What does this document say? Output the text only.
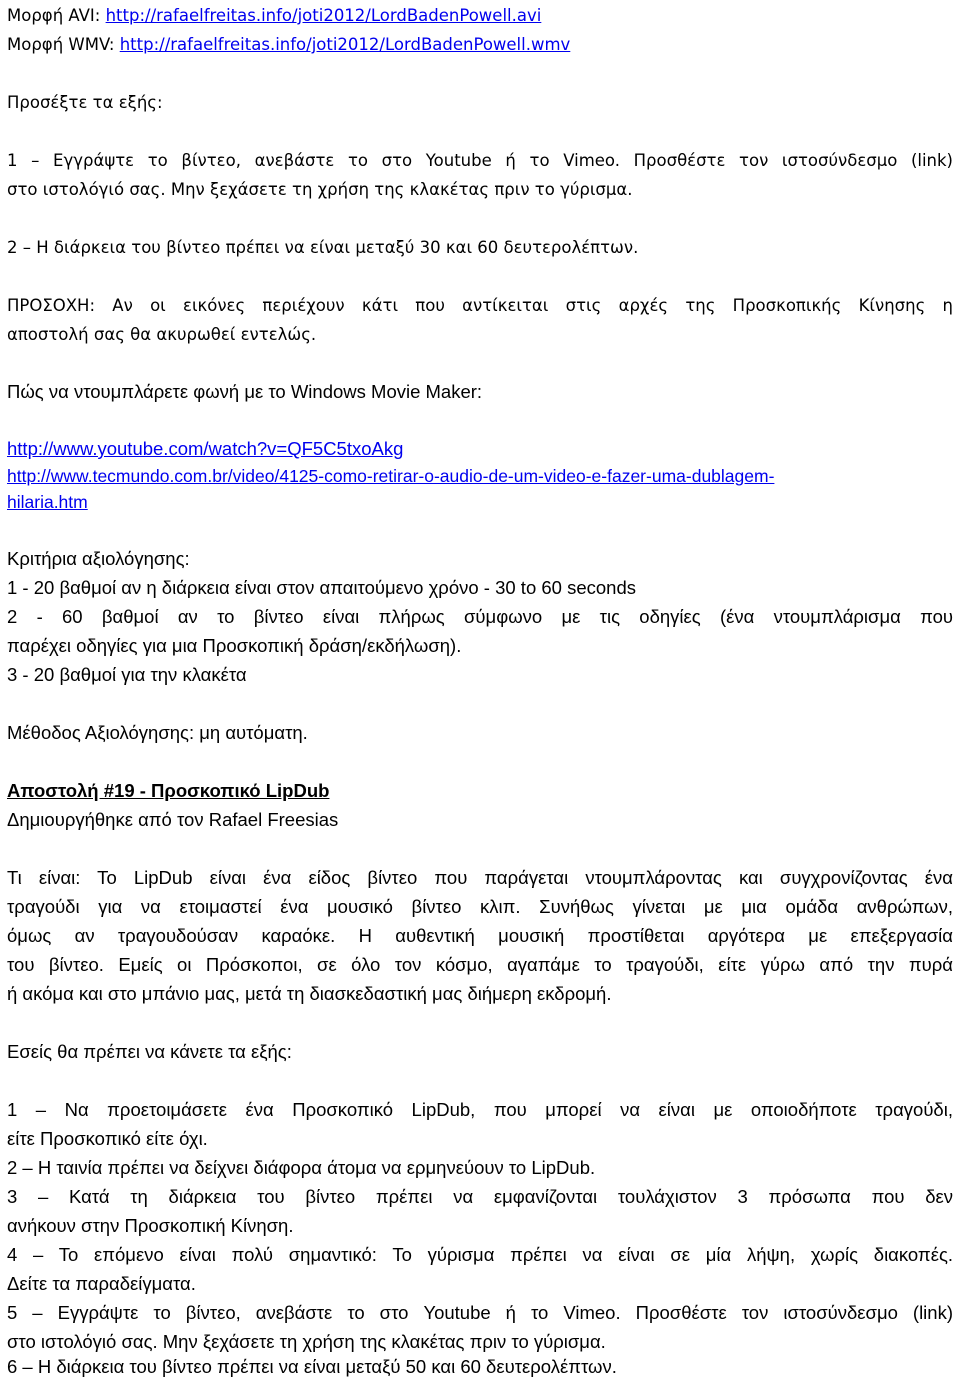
Μορφή AVI: http://rafaelfreitas.info/joti2012/LordBadenPowell.avi
Μορφή WMV: http://rafaelfreitas.info/joti2012/LordBadenPowell.wmv
Προσέξτε τα εξής:
1 – Εγγράψτε το βίντεο, ανεβάστε το στο Youtube ή το Vimeo. Προσθέστε τον ιστοσύνδεσμο (link)
στο ιστολόγιό σας. Μην ξεχάσετε τη χρήση της κλακέτας πριν το γύρισμα.
2 – Η διάρκεια του βίντεο πρέπει να είναι μεταξύ 30 και 60 δευτερολέπτων.
ΠΡΟΣΟΧΗ: Αν οι εικόνες περιέχουν κάτι που αντίκειται στις αρχές της Προσκοπικής Κίνησης η
αποστολή σας θα ακυρωθεί εντελώς.
Πώς να ντουμπλάρετε φωνή με το Windows Movie Maker:
http://www.youtube.com/watch?v=QF5C5txoAkg
http://www.tecmundo.com.br/video/4125-como-retirar-o-audio-de-um-video-e-fazer-uma-dublagem-
hilaria.htm
Κριτήρια αξιολόγησης:
1 - 20 βαθμοί αν η διάρκεια είναι στον απαιτούμενο χρόνο - 30 to 60 seconds
2 - 60 βαθμοί αν το βίντεο είναι πλήρως σύμφωνο με τις οδηγίες (ένα ντουμπλάρισμα που
παρέχει οδηγίες για μια Προσκοπική δράση/εκδήλωση).
3 - 20 βαθμοί για την κλακέτα
Μέθοδος Αξιολόγησης: μη αυτόματη.
Αποστολή #19 - Προσκοπικό LipDub
Δημιουργήθηκε από τον Rafael Freesias
Τι είναι: Το LipDub είναι ένα είδος βίντεο που παράγεται ντουμπλάροντας και συγχρονίζοντας ένα
τραγούδι για να ετοιμαστεί ένα μουσικό βίντεο κλιπ. Συνήθως γίνεται με μια ομάδα ανθρώπων,
όμως αν τραγουδούσαν καραόκε. Η αυθεντική μουσική προστίθεται αργότερα με επεξεργασία
του βίντεο. Εμείς οι Πρόσκοποι, σε όλο τον κόσμο, αγαπάμε το τραγούδι, είτε γύρω από την πυρά
ή ακόμα και στο μπάνιο μας, μετά τη διασκεδαστική μας διήμερη εκδρομή.
Εσείς θα πρέπει να κάνετε τα εξής:
1 – Να προετοιμάσετε ένα Προσκοπικό LipDub, που μπορεί να είναι με οποιοδήποτε τραγούδι,
είτε Προσκοπικό είτε όχι.
2 – Η ταινία πρέπει να δείχνει διάφορα άτομα να ερμηνεύουν το LipDub.
3 – Κατά τη διάρκεια του βίντεο πρέπει να εμφανίζονται τουλάχιστον 3 πρόσωπα που δεν
ανήκουν στην Προσκοπική Κίνηση.
4 – Το επόμενο είναι πολύ σημαντικό: Το γύρισμα πρέπει να είναι σε μία λήψη, χωρίς διακοπές.
Δείτε τα παραδείγματα.
5 – Εγγράψτε το βίντεο, ανεβάστε το στο Youtube ή το Vimeo. Προσθέστε τον ιστοσύνδεσμο (link)
στο ιστολόγιό σας. Μην ξεχάσετε τη χρήση της κλακέτας πριν το γύρισμα.
6 – Η διάρκεια του βίντεο πρέπει να είναι μεταξύ 50 και 60 δευτερολέπτων.
